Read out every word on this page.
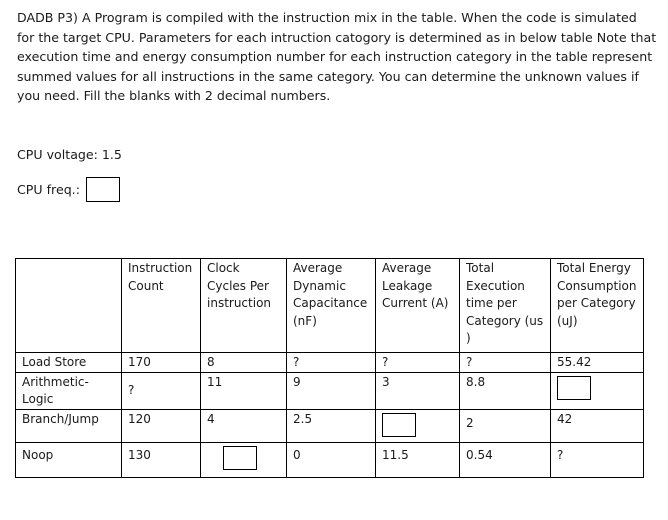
DADB P3) A Program is compiled with the instruction mix in the table. When the code is simulated for the target CPU. Parameters for each intruction catogory is determined as in below table Note that execution time and energy consumption number for each instruction category in the table represent summed values for all instructions in the same category. You can determine the unknown values if you need. Fill the blanks with 2 decimal numbers.
CPU voltage: 1.5
CPU freq.:
	Instruction Count	Clock Cycles Per instruction	Average Dynamic Capacitance (nF)	Average Leakage Current (A)	Total Execution time per Category (us )	Total Energy Consumption per Category (uJ)
Load Store	170	8	?	?	?	55.42
Arithmetic-Logic	?	11	9	3	8.8	
Branch/Jump	120	4	2.5		2	42
Noop	130		0	11.5	0.54	?
